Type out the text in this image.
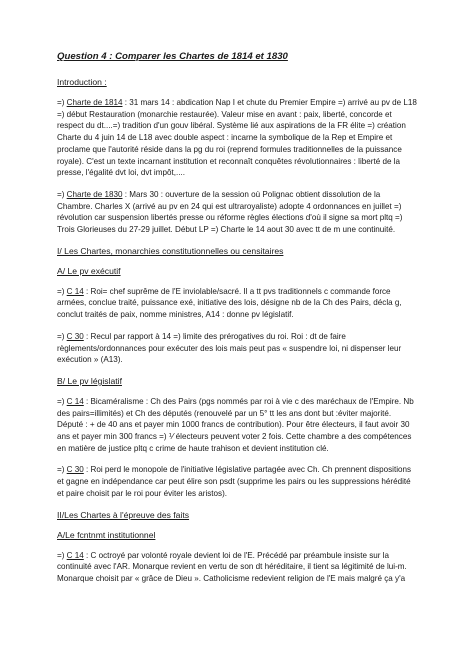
Question 4 : Comparer les Chartes de 1814 et 1830
Introduction :

=) Charte de 1814 : 31 mars 14 : abdication Nap I et chute du Premier Empire =) arrivé au pv de L18 =) début Restauration (monarchie restaurée). Valeur mise en avant : paix, liberté, concorde et respect du dt....=) tradition d'un gouv libéral. Système lié aux aspirations de la FR élite =) création Charte du 4 juin 14 de L18 avec double aspect : incarne la symbolique de la Rep et Empire et proclame que l'autorité réside dans la pg du roi (reprend formules traditionnelles de la puissance royale). C'est un texte incarnant institution et reconnaît conquêtes révolutionnaires : liberté de la presse, l'égalité dvt loi, dvt impôt,....

=) Charte de 1830 : Mars 30 : ouverture de la session où Polignac obtient dissolution de la Chambre. Charles X (arrivé au pv en 24 qui est ultraroyaliste) adopte 4 ordonnances en juillet =) révolution car suspension libertés presse ou réforme règles élections d'où il signe sa mort pltq =) Trois Glorieuses du 27-29 juillet. Début LP =) Charte le 14 aout 30 avec tt de m une continuité.

I/ Les Chartes, monarchies constitutionnelles ou censitaires
A/ Le pv exécutif

=) C 14 : Roi= chef suprême de l'E inviolable/sacré. Il a tt pvs traditionnels c commande force armées, conclue traité, puissance exé, initiative des lois, désigne nb de la Ch des Pairs, décla g, conclut traités de paix, nomme ministres, A14 : donne pv législatif.

=) C 30 : Recul par rapport à 14 =) limite des prérogatives du roi. Roi : dt de faire règlements/ordonnances pour exécuter des lois mais peut pas « suspendre loi, ni dispenser leur exécution » (A13).

B/ Le pv législatif

=) C 14 : Bicaméralisme : Ch des Pairs (pgs nommés par roi à vie c des maréchaux de l'Empire. Nb des pairs=illimités) et Ch des députés (renouvelé par un 5° tt les ans dont but :éviter majorité. Député : + de 40 ans et payer min 1000 francs de contribution). Pour être électeurs, il faut avoir 30 ans et payer min 300 francs =) ⅟ électeurs peuvent voter 2 fois. Cette chambre a des compétences en matière de justice pltq c crime de haute trahison et devient institution clé.

=) C 30 : Roi perd le monopole de l'initiative législative partagée avec Ch. Ch prennent dispositions et gagne en indépendance car peut élire son psdt (supprime les pairs ou les suppressions hérédité et paire choisit par le roi pour éviter les aristos).

II/Les Chartes à l'épreuve des faits
A/Le fcntnmt institutionnel

=) C 14 : C octroyé par volonté royale devient loi de l'E. Précédé par préambule insiste sur la continuité avec l'AR. Monarque revient en vertu de son dt héréditaire, il tient sa légitimité de lui-m. Monarque choisit par « grâce de Dieu ». Catholicisme redevient religion de l'E mais malgré ça y'a
